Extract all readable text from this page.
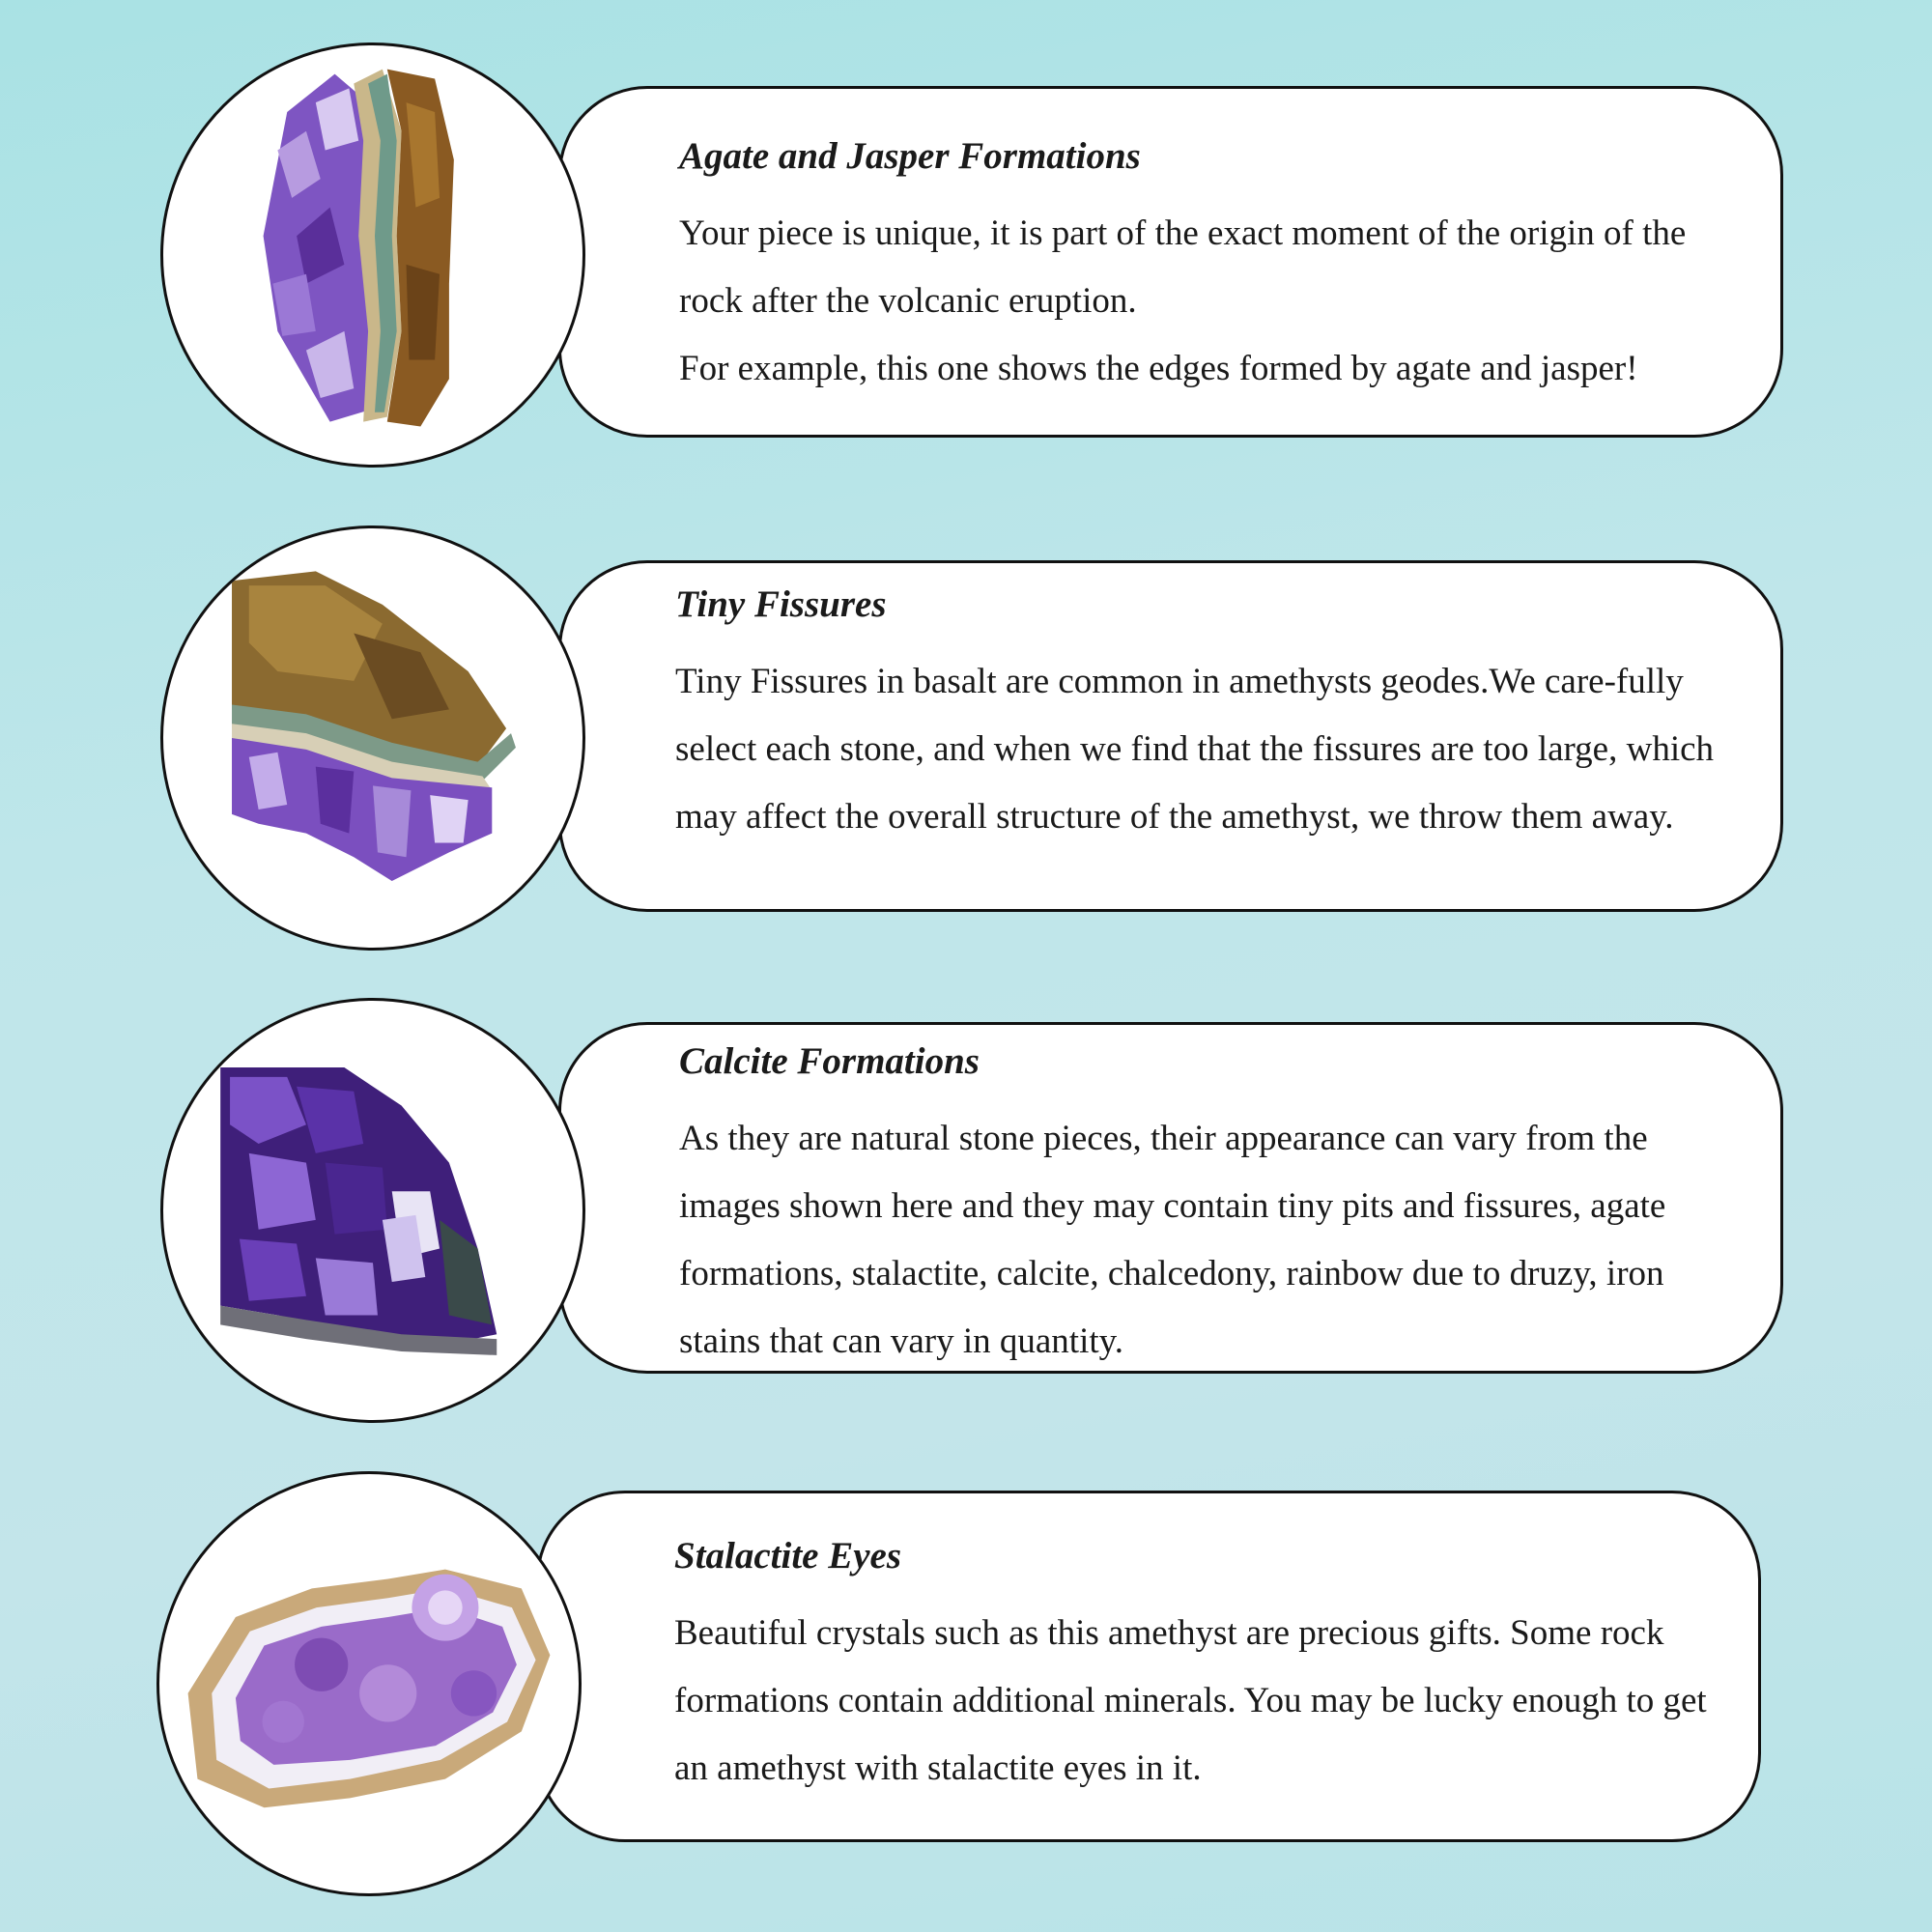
Agate and Jasper Formations

Your piece is unique, it is part of the exact moment of the origin of the rock after the volcanic eruption.

For example, this one shows the edges formed by agate and jasper!

Tiny Fissures

Tiny Fissures in basalt are common in amethysts geodes.We care-fully select each stone, and when we find that the fissures are too large, which may affect the overall structure of the amethyst, we throw them away.

Calcite Formations

As they are natural stone pieces, their appearance can vary from the images shown here and they may contain tiny pits and fissures, agate formations, stalactite, calcite, chalcedony, rainbow due to druzy, iron stains that can vary in quantity.

Stalactite Eyes

Beautiful crystals such as this amethyst are precious gifts. Some rock formations contain additional minerals. You may be lucky enough to get an amethyst with stalactite eyes in it.
